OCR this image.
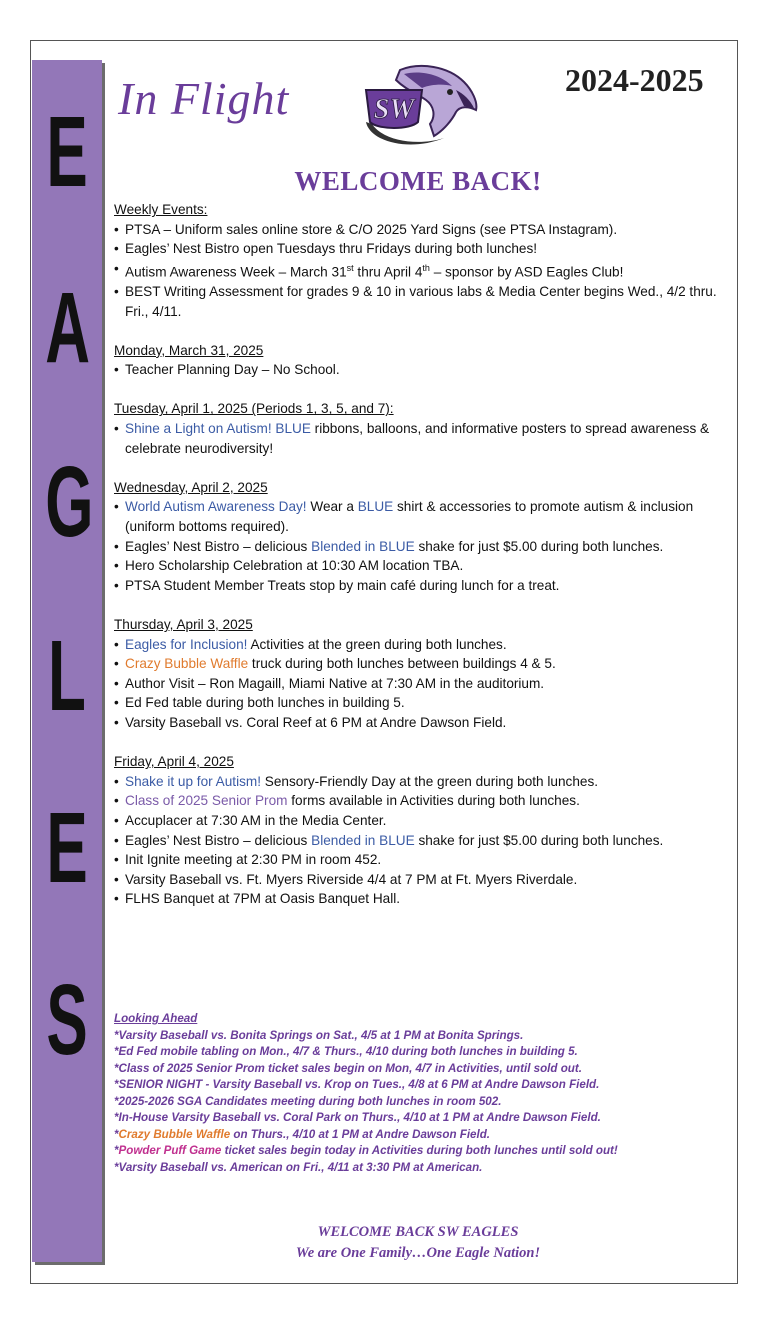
E
A
G
L
E
S
In Flight	SW
2024-2025
WELCOME BACK!
Weekly Events:
• PTSA – Uniform sales online store & C/O 2025 Yard Signs (see PTSA Instagram).
• Eagles’ Nest Bistro open Tuesdays thru Fridays during both lunches!
• Autism Awareness Week – March 31st thru April 4th – sponsor by ASD Eagles Club!
• BEST Writing Assessment for grades 9 & 10 in various labs & Media Center begins Wed., 4/2 thru. Fri., 4/11.
Monday, March 31, 2025
• Teacher Planning Day – No School.
Tuesday, April 1, 2025 (Periods 1, 3, 5, and 7):
• Shine a Light on Autism! BLUE ribbons, balloons, and informative posters to spread awareness & celebrate neurodiversity!
Wednesday, April 2, 2025
• World Autism Awareness Day! Wear a BLUE shirt & accessories to promote autism & inclusion (uniform bottoms required).
• Eagles’ Nest Bistro – delicious Blended in BLUE shake for just $5.00 during both lunches.
• Hero Scholarship Celebration at 10:30 AM location TBA.
• PTSA Student Member Treats stop by main café during lunch for a treat.
Thursday, April 3, 2025
• Eagles for Inclusion! Activities at the green during both lunches.
• Crazy Bubble Waffle truck during both lunches between buildings 4 & 5.
• Author Visit – Ron Magaill, Miami Native at 7:30 AM in the auditorium.
• Ed Fed table during both lunches in building 5.
• Varsity Baseball vs. Coral Reef at 6 PM at Andre Dawson Field.
Friday, April 4, 2025
• Shake it up for Autism! Sensory-Friendly Day at the green during both lunches.
• Class of 2025 Senior Prom forms available in Activities during both lunches.
• Accuplacer at 7:30 AM in the Media Center.
• Eagles’ Nest Bistro – delicious Blended in BLUE shake for just $5.00 during both lunches.
• Init Ignite meeting at 2:30 PM in room 452.
• Varsity Baseball vs. Ft. Myers Riverside 4/4 at 7 PM at Ft. Myers Riverdale.
• FLHS Banquet at 7PM at Oasis Banquet Hall.
Looking Ahead
*Varsity Baseball vs. Bonita Springs on Sat., 4/5 at 1 PM at Bonita Springs.
*Ed Fed mobile tabling on Mon., 4/7 & Thurs., 4/10 during both lunches in building 5.
*Class of 2025 Senior Prom ticket sales begin on Mon, 4/7 in Activities, until sold out.
*SENIOR NIGHT - Varsity Baseball vs. Krop on Tues., 4/8 at 6 PM at Andre Dawson Field.
*2025-2026 SGA Candidates meeting during both lunches in room 502.
*In-House Varsity Baseball vs. Coral Park on Thurs., 4/10 at 1 PM at Andre Dawson Field.
*Crazy Bubble Waffle on Thurs., 4/10 at 1 PM at Andre Dawson Field.
*Powder Puff Game ticket sales begin today in Activities during both lunches until sold out!
*Varsity Baseball vs. American on Fri., 4/11 at 3:30 PM at American.
WELCOME BACK SW EAGLES
We are One Family…One Eagle Nation!
